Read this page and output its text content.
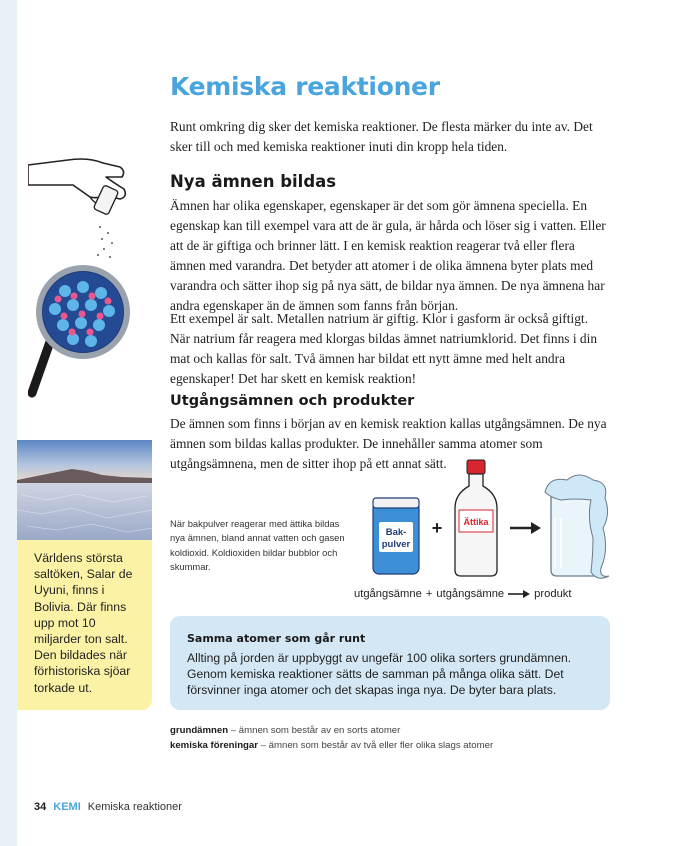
Kemiska reaktioner

Runt omkring dig sker det kemiska reaktioner. De flesta märker du inte av. Det sker till och med kemiska reaktioner inuti din kropp hela tiden.

Nya ämnen bildas

Ämnen har olika egenskaper, egenskaper är det som gör ämnena speciella. En egenskap kan till exempel vara att de är gula, är hårda och löser sig i vatten. Eller att de är giftiga och brinner lätt. I en kemisk reaktion reagerar två eller flera ämnen med varandra. Det betyder att atomer i de olika ämnena byter plats med varandra och sätter ihop sig på nya sätt, de bildar nya ämnen. De nya ämnena har andra egenskaper än de ämnen som fanns från början.

Ett exempel är salt. Metallen natrium är giftig. Klor i gasform är också giftigt. När natrium får reagera med klorgas bildas ämnet natriumklorid. Det finns i din mat och kallas för salt. Två ämnen har bildat ett nytt ämne med helt andra egenskaper! Det har skett en kemisk reaktion!

Utgångsämnen och produkter

De ämnen som finns i början av en kemisk reaktion kallas utgångsämnen. De nya ämnen som bildas kallas produkter. De innehåller samma atomer som utgångsämnena, men de sitter ihop på ett annat sätt.

Världens största saltöken, Salar de Uyuni, finns i Bolivia. Där finns upp mot 10 miljarder ton salt. Den bildades när förhistoriska sjöar torkade ut.

När bakpulver reagerar med ättika bildas nya ämnen, bland annat vatten och gasen koldioxid. Koldioxiden bildar bubblor och skummar.

Bak-
pulver
+ Ättika
utgångsämne + utgångsämne	produkt
Samma atomer som går runt

Allting på jorden är uppbyggt av ungefär 100 olika sorters grundämnen. Genom kemiska reaktioner sätts de samman på många olika sätt. Det försvinner inga atomer och det skapas inga nya. De byter bara plats.

grundämnen – ämnen som består av en sorts atomer

kemiska föreningar – ämnen som består av två eller fler olika slags atomer

34 KEMI Kemiska reaktioner
